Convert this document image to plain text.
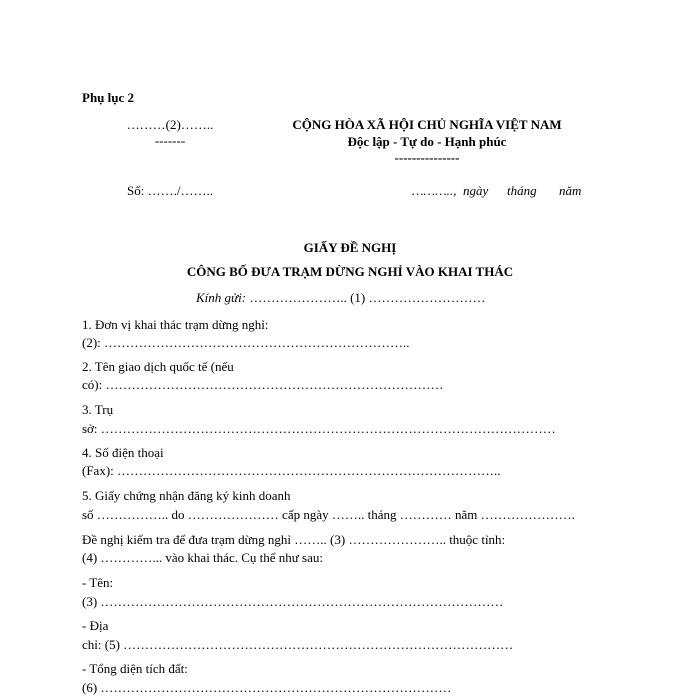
Phụ lục 2
………(2)……..
-------
CỘNG HÒA XÃ HỘI CHỦ NGHĨA VIỆT NAM
Độc lập - Tự do - Hạnh phúc
---------------
Số: ……./……..	……….., ngày tháng năm
GIẤY ĐỀ NGHỊ
CÔNG BỐ ĐƯA TRẠM DỪNG NGHỈ VÀO KHAI THÁC
Kính gửi: ………………….. (1) ………………………
1. Đơn vị khai thác trạm dừng nghỉ:
(2): ……………………………………………………………..
2. Tên giao dịch quốc tế (nếu
có): ……………………………………………………………………
3. Trụ
sở: ……………………………………………………………………………………………
4. Số điện thoại
(Fax): ……………………………………………………………………………..
5. Giấy chứng nhận đăng ký kinh doanh
số …………….. do ………………… cấp ngày …….. tháng ………… năm ………………….
Đề nghị kiểm tra để đưa trạm dừng nghỉ …….. (3) ………………….. thuộc tỉnh:
(4) …………... vào khai thác. Cụ thể như sau:
- Tên:
(3) …………………………………………………………………………………
- Địa
chỉ: (5) ………………………………………………………………………………
- Tổng diện tích đất:
(6) ………………………………………………………………………
